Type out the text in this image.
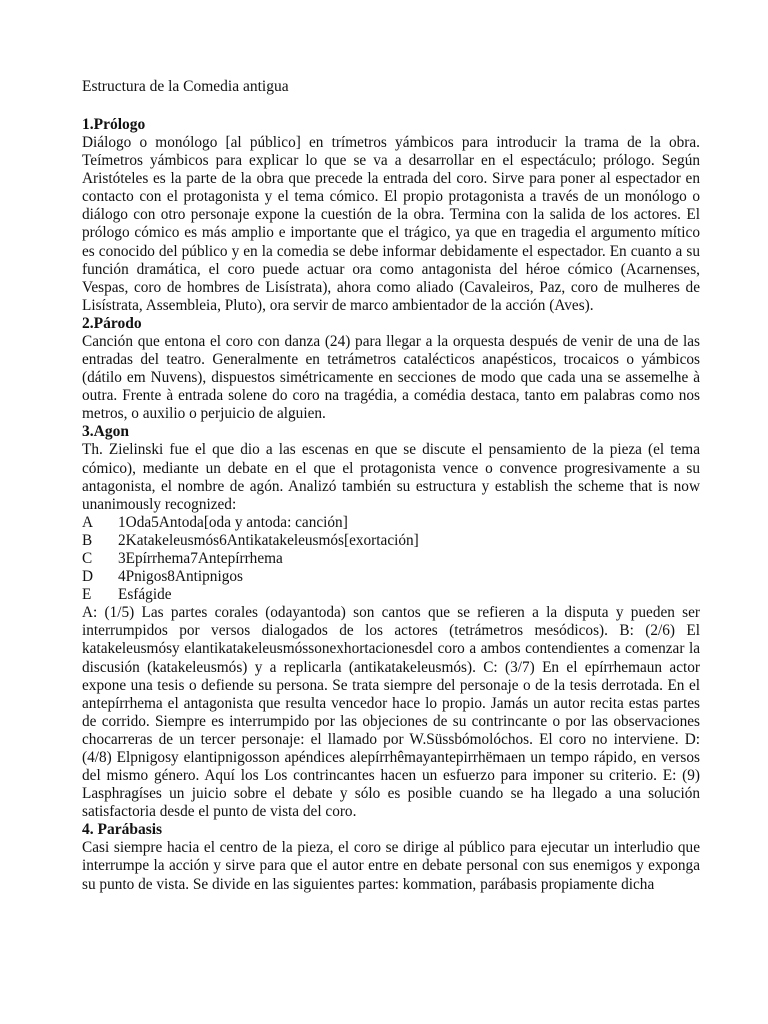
Estructura de la Comedia antigua
1.Prólogo

Diálogo o monólogo [al público] en trímetros yámbicos para introducir la trama de la obra. Teímetros yámbicos para explicar lo que se va a desarrollar en el espectáculo; prólogo. Según Aristóteles es la parte de la obra que precede la entrada del coro. Sirve para poner al espectador en contacto con el protagonista y el tema cómico. El propio protagonista a través de un monólogo o diálogo con otro personaje expone la cuestión de la obra. Termina con la salida de los actores. El prólogo cómico es más amplio e importante que el trágico, ya que en tragedia el argumento mítico es conocido del público y en la comedia se debe informar debidamente el espectador. En cuanto a su función dramática, el coro puede actuar ora como antagonista del héroe cómico (Acarnenses, Vespas, coro de hombres de Lisístrata), ahora como aliado (Cavaleiros, Paz, coro de mulheres de Lisístrata, Assembleia, Pluto), ora servir de marco ambientador de la acción (Aves).

2.Párodo

Canción que entona el coro con danza (24) para llegar a la orquesta después de venir de una de las entradas del teatro. Generalmente en tetrámetros catalécticos anapésticos, trocaicos o yámbicos (dátilo em Nuvens), dispuestos simétricamente en secciones de modo que cada una se assemelhe à outra. Frente à entrada solene do coro na tragédia, a comédia destaca, tanto em palabras como nos metros, o auxilio o perjuicio de alguien.

3.Agon

Th. Zielinski fue el que dio a las escenas en que se discute el pensamiento de la pieza (el tema cómico), mediante un debate en el que el protagonista vence o convence progresivamente a su antagonista, el nombre de agón. Analizó también su estructura y establish the scheme that is now unanimously recognized:

A	1Oda5Antoda[oda y antoda: canción]
B	2Katakeleusmós6Antikatakeleusmós[exortación]
C	3Epírrhema7Antepírrhema
D	4Pnigos8Antipnigos
E	Esfágide

A: (1/5) Las partes corales (odayantoda) son cantos que se refieren a la disputa y pueden ser interrumpidos por versos dialogados de los actores (tetrámetros mesódicos). B: (2/6) El katakeleusmósy elantikatakeleusmóssonexhortacionesdel coro a ambos contendientes a comenzar la discusión (katakeleusmós) y a replicarla (antikatakeleusmós). C: (3/7) En el epírrhemaun actor expone una tesis o defiende su persona. Se trata siempre del personaje o de la tesis derrotada. En el antepírrhema el antagonista que resulta vencedor hace lo propio. Jamás un autor recita estas partes de corrido. Siempre es interrumpido por las objeciones de su contrincante o por las observaciones chocarreras de un tercer personaje: el llamado por W.Süssbómolóchos. El coro no interviene. D: (4/8) Elpnigosy elantipnigosson apéndices alepírrhêmayantepirrhëmaen un tempo rápido, en versos del mismo género. Aquí los Los contrincantes hacen un esfuerzo para imponer su criterio. E: (9) Lasphragíses un juicio sobre el debate y sólo es posible cuando se ha llegado a una solución satisfactoria desde el punto de vista del coro.

4. Parábasis

Casi siempre hacia el centro de la pieza, el coro se dirige al público para ejecutar un interludio que interrumpe la acción y sirve para que el autor entre en debate personal con sus enemigos y exponga su punto de vista. Se divide en las siguientes partes: kommation, parábasis propiamente dicha
